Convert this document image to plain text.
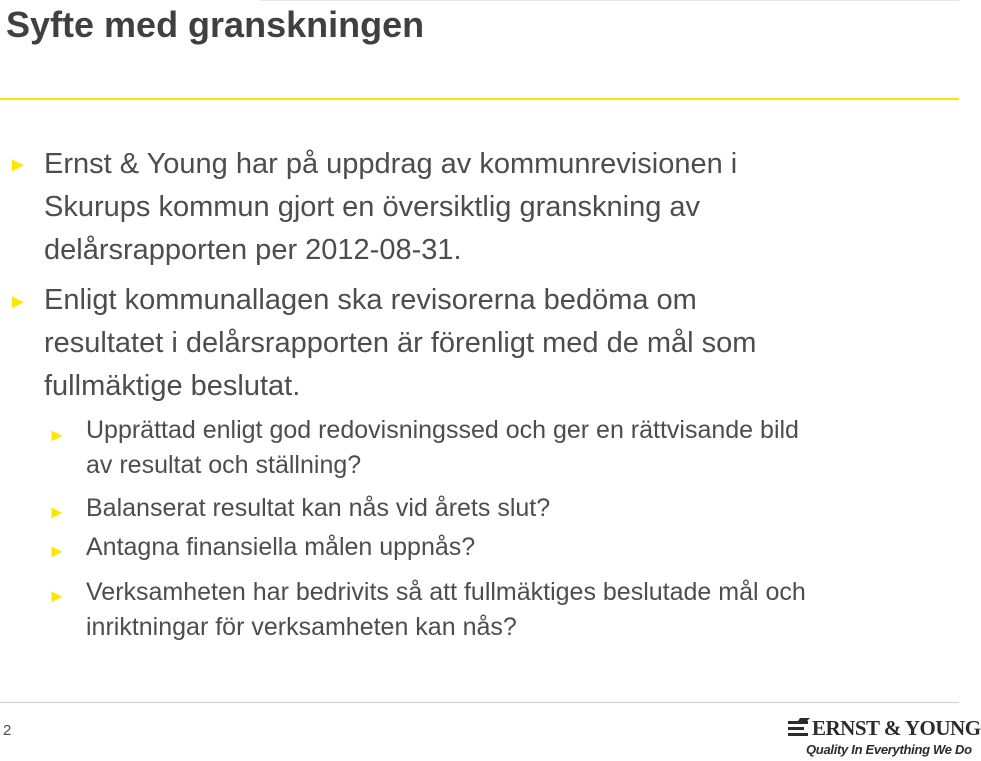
Syfte med granskningen
► Ernst & Young har på uppdrag av kommunrevisionen i
Skurups kommun gjort en översiktlig granskning av
delårsrapporten per 2012-08-31.
► Enligt kommunallagen ska revisorerna bedöma om
resultatet i delårsrapporten är förenligt med de mål som
fullmäktige beslutat.
► Upprättad enligt god redovisningssed och ger en rättvisande bild
av resultat och ställning?
► Balanserat resultat kan nås vid årets slut?
► Antagna finansiella målen uppnås?
► Verksamheten har bedrivits så att fullmäktiges beslutade mål och
inriktningar för verksamheten kan nås?
2	ERNST & YOUNG
Quality In Everything We Do
